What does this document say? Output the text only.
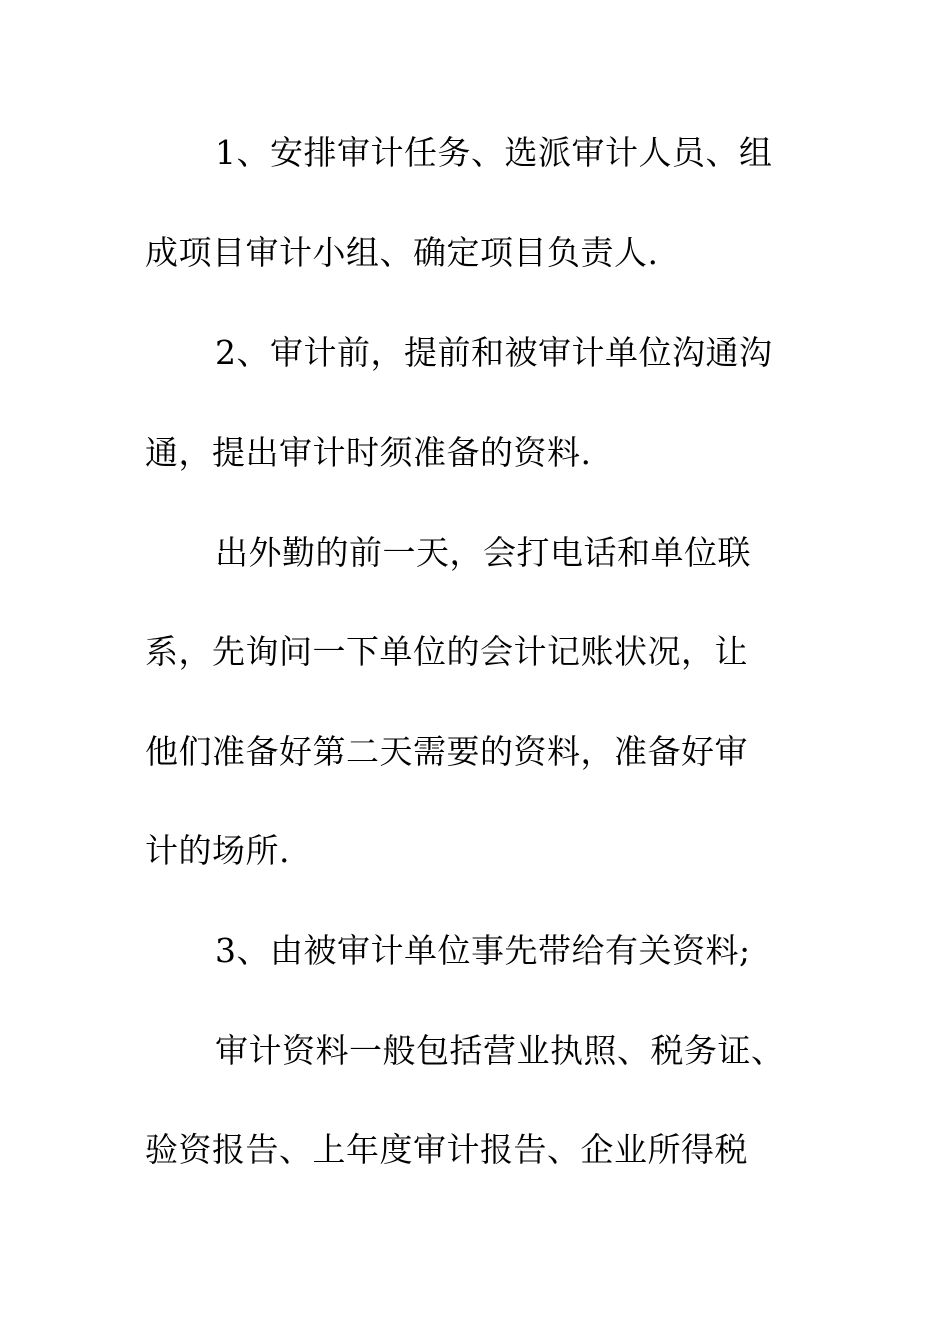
1、安排审计任务、选派审计人员、组
成项目审计小组、确定项目负责人.
2、审计前，提前和被审计单位沟通沟
通，提出审计时须准备的资料.
出外勤的前一天，会打电话和单位联
系，先询问一下单位的会计记账状况，让
他们准备好第二天需要的资料，准备好审
计的场所.
3、由被审计单位事先带给有关资料;
审计资料一般包括营业执照、税务证、
验资报告、上年度审计报告、企业所得税
